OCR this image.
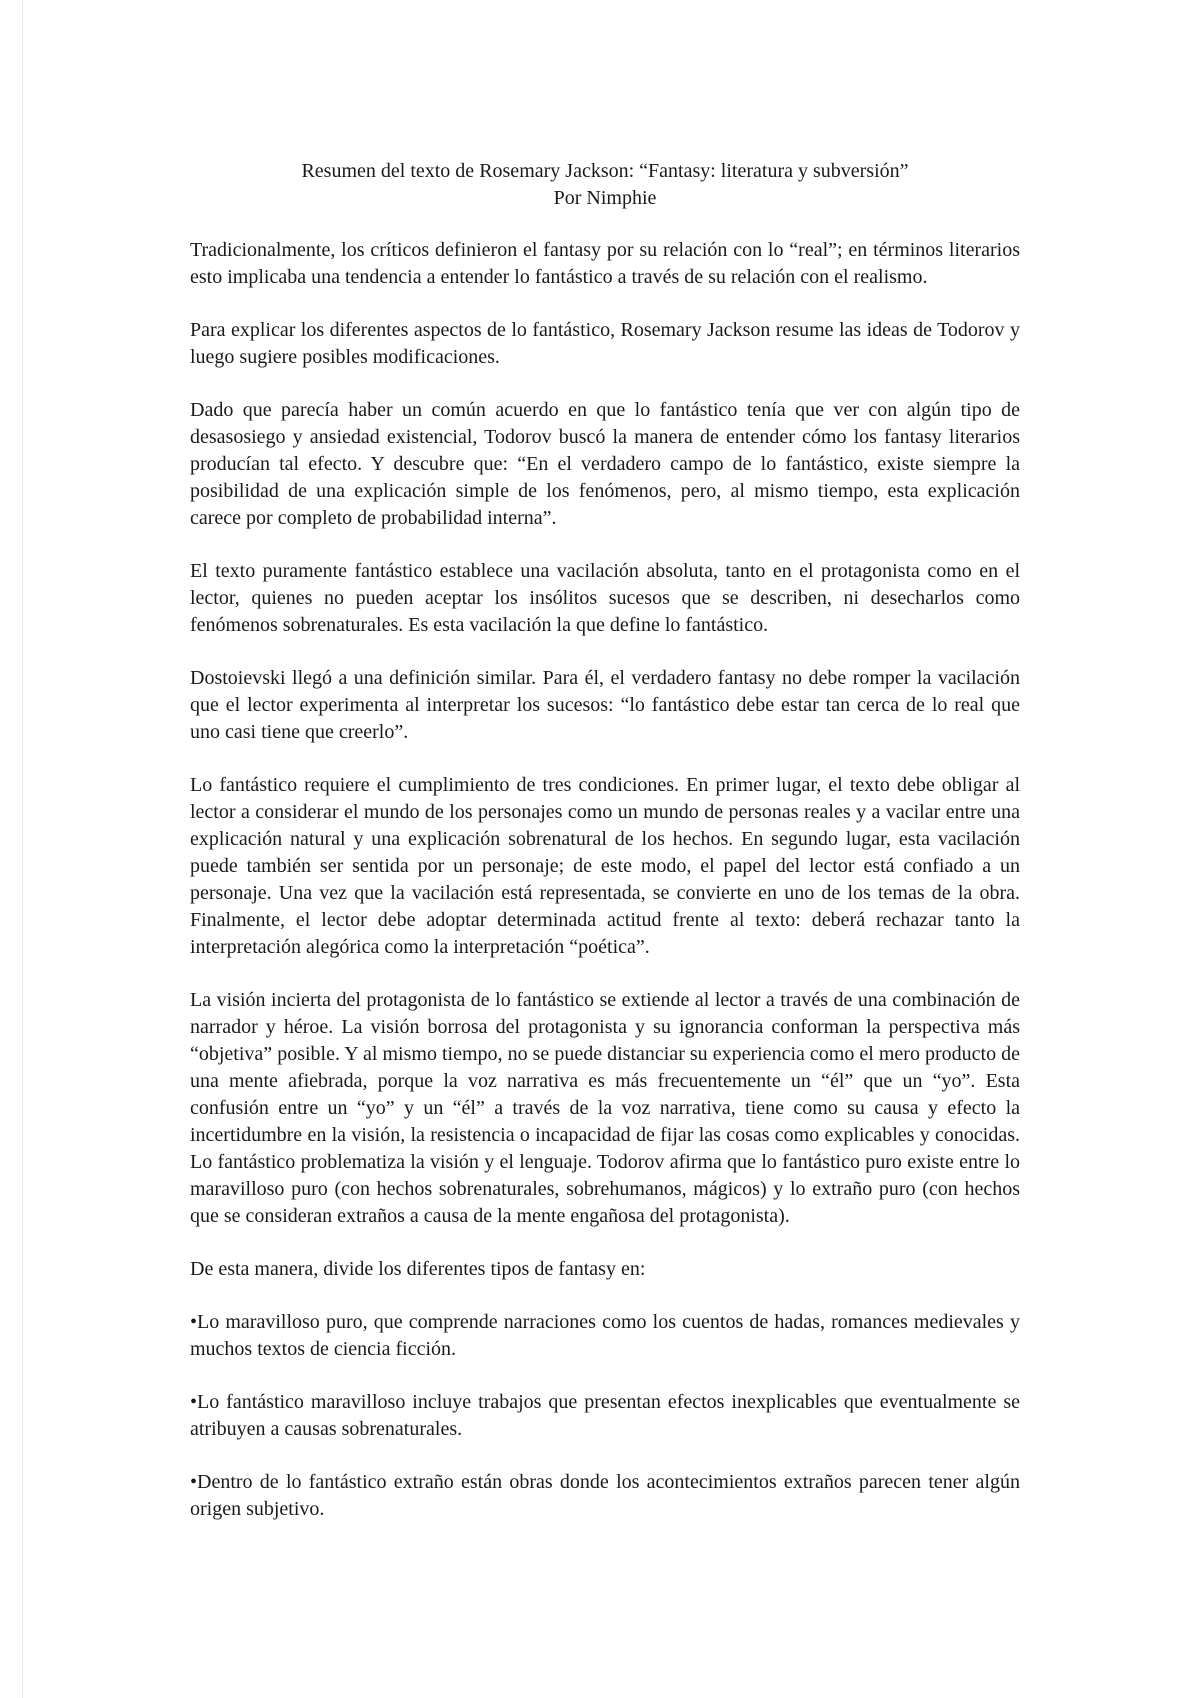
Resumen del texto de Rosemary Jackson: “Fantasy: literatura y subversión”
Por Nimphie

Tradicionalmente, los críticos definieron el fantasy por su relación con lo “real”; en términos literarios esto implicaba una tendencia a entender lo fantástico a través de su relación con el realismo.

Para explicar los diferentes aspectos de lo fantástico, Rosemary Jackson resume las ideas de Todorov y luego sugiere posibles modificaciones.

Dado que parecía haber un común acuerdo en que lo fantástico tenía que ver con algún tipo de desasosiego y ansiedad existencial, Todorov buscó la manera de entender cómo los fantasy literarios producían tal efecto. Y descubre que: “En el verdadero campo de lo fantástico, existe siempre la posibilidad de una explicación simple de los fenómenos, pero, al mismo tiempo, esta explicación carece por completo de probabilidad interna”.

El texto puramente fantástico establece una vacilación absoluta, tanto en el protagonista como en el lector, quienes no pueden aceptar los insólitos sucesos que se describen, ni desecharlos como fenómenos sobrenaturales. Es esta vacilación la que define lo fantástico.

Dostoievski llegó a una definición similar. Para él, el verdadero fantasy no debe romper la vacilación que el lector experimenta al interpretar los sucesos: “lo fantástico debe estar tan cerca de lo real que uno casi tiene que creerlo”.

Lo fantástico requiere el cumplimiento de tres condiciones. En primer lugar, el texto debe obligar al lector a considerar el mundo de los personajes como un mundo de personas reales y a vacilar entre una explicación natural y una explicación sobrenatural de los hechos. En segundo lugar, esta vacilación puede también ser sentida por un personaje; de este modo, el papel del lector está confiado a un personaje. Una vez que la vacilación está representada, se convierte en uno de los temas de la obra. Finalmente, el lector debe adoptar determinada actitud frente al texto: deberá rechazar tanto la interpretación alegórica como la interpretación “poética”.

La visión incierta del protagonista de lo fantástico se extiende al lector a través de una combinación de narrador y héroe. La visión borrosa del protagonista y su ignorancia conforman la perspectiva más “objetiva” posible. Y al mismo tiempo, no se puede distanciar su experiencia como el mero producto de una mente afiebrada, porque la voz narrativa es más frecuentemente un “él” que un “yo”. Esta confusión entre un “yo” y un “él” a través de la voz narrativa, tiene como su causa y efecto la incertidumbre en la visión, la resistencia o incapacidad de fijar las cosas como explicables y conocidas. Lo fantástico problematiza la visión y el lenguaje. Todorov afirma que lo fantástico puro existe entre lo maravilloso puro (con hechos sobrenaturales, sobrehumanos, mágicos) y lo extraño puro (con hechos que se consideran extraños a causa de la mente engañosa del protagonista).

De esta manera, divide los diferentes tipos de fantasy en:

•Lo maravilloso puro, que comprende narraciones como los cuentos de hadas, romances medievales y muchos textos de ciencia ficción.

•Lo fantástico maravilloso incluye trabajos que presentan efectos inexplicables que eventualmente se atribuyen a causas sobrenaturales.

•Dentro de lo fantástico extraño están obras donde los acontecimientos extraños parecen tener algún origen subjetivo.
